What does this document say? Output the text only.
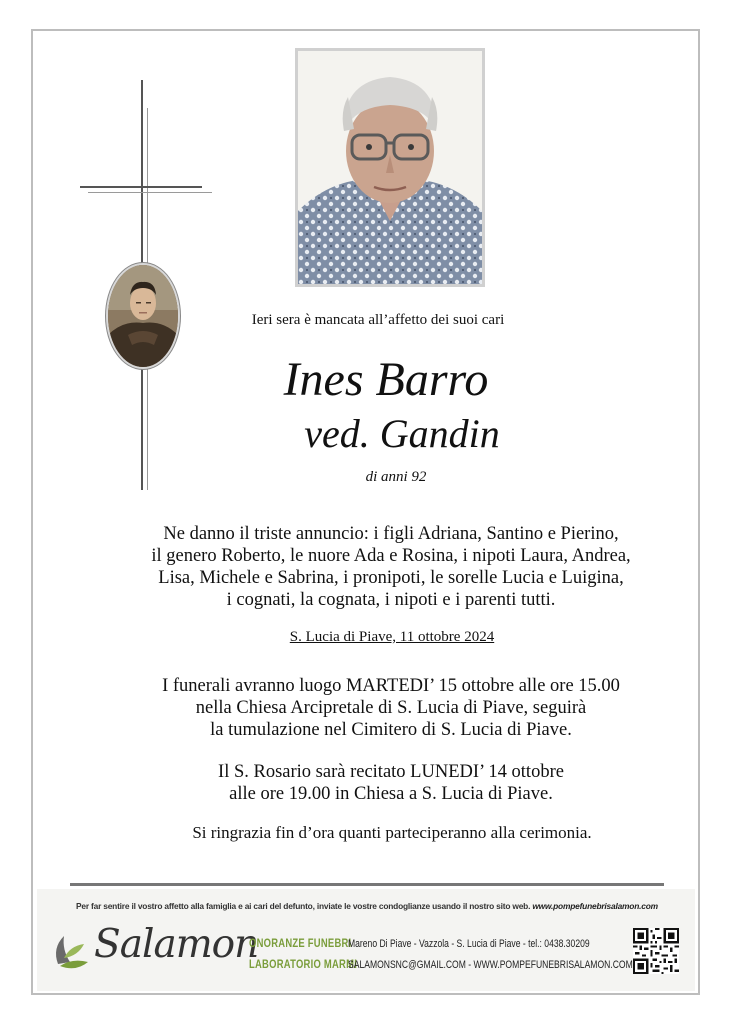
Ieri sera è mancata all’affetto dei suoi cari
Ines Barro
ved. Gandin
di anni 92
Ne danno il triste annuncio: i figli Adriana, Santino e Pierino,
il genero Roberto, le nuore Ada e Rosina, i nipoti Laura, Andrea,
Lisa, Michele e Sabrina, i pronipoti, le sorelle Lucia e Luigina,
i cognati, la cognata, i nipoti e i parenti tutti.
S. Lucia di Piave, 11 ottobre 2024
I funerali avranno luogo MARTEDI’ 15 ottobre alle ore 15.00
nella Chiesa Arcipretale di S. Lucia di Piave, seguirà
la tumulazione nel Cimitero di S. Lucia di Piave.
Il S. Rosario sarà recitato LUNEDI’ 14 ottobre
alle ore 19.00 in Chiesa a S. Lucia di Piave.
Si ringrazia fin d’ora quanti parteciperanno alla cerimonia.
Per far sentire il vostro affetto alla famiglia e ai cari del defunto, inviate le vostre condoglianze usando il nostro sito web. www.pompefunebrisalamon.com
Salamon
ONORANZE FUNEBRI
LABORATORIO MARMI
Mareno Di Piave - Vazzola - S. Lucia di Piave - tel.: 0438.30209
SALAMONSNC@GMAIL.COM - WWW.POMPEFUNEBRISALAMON.COM
